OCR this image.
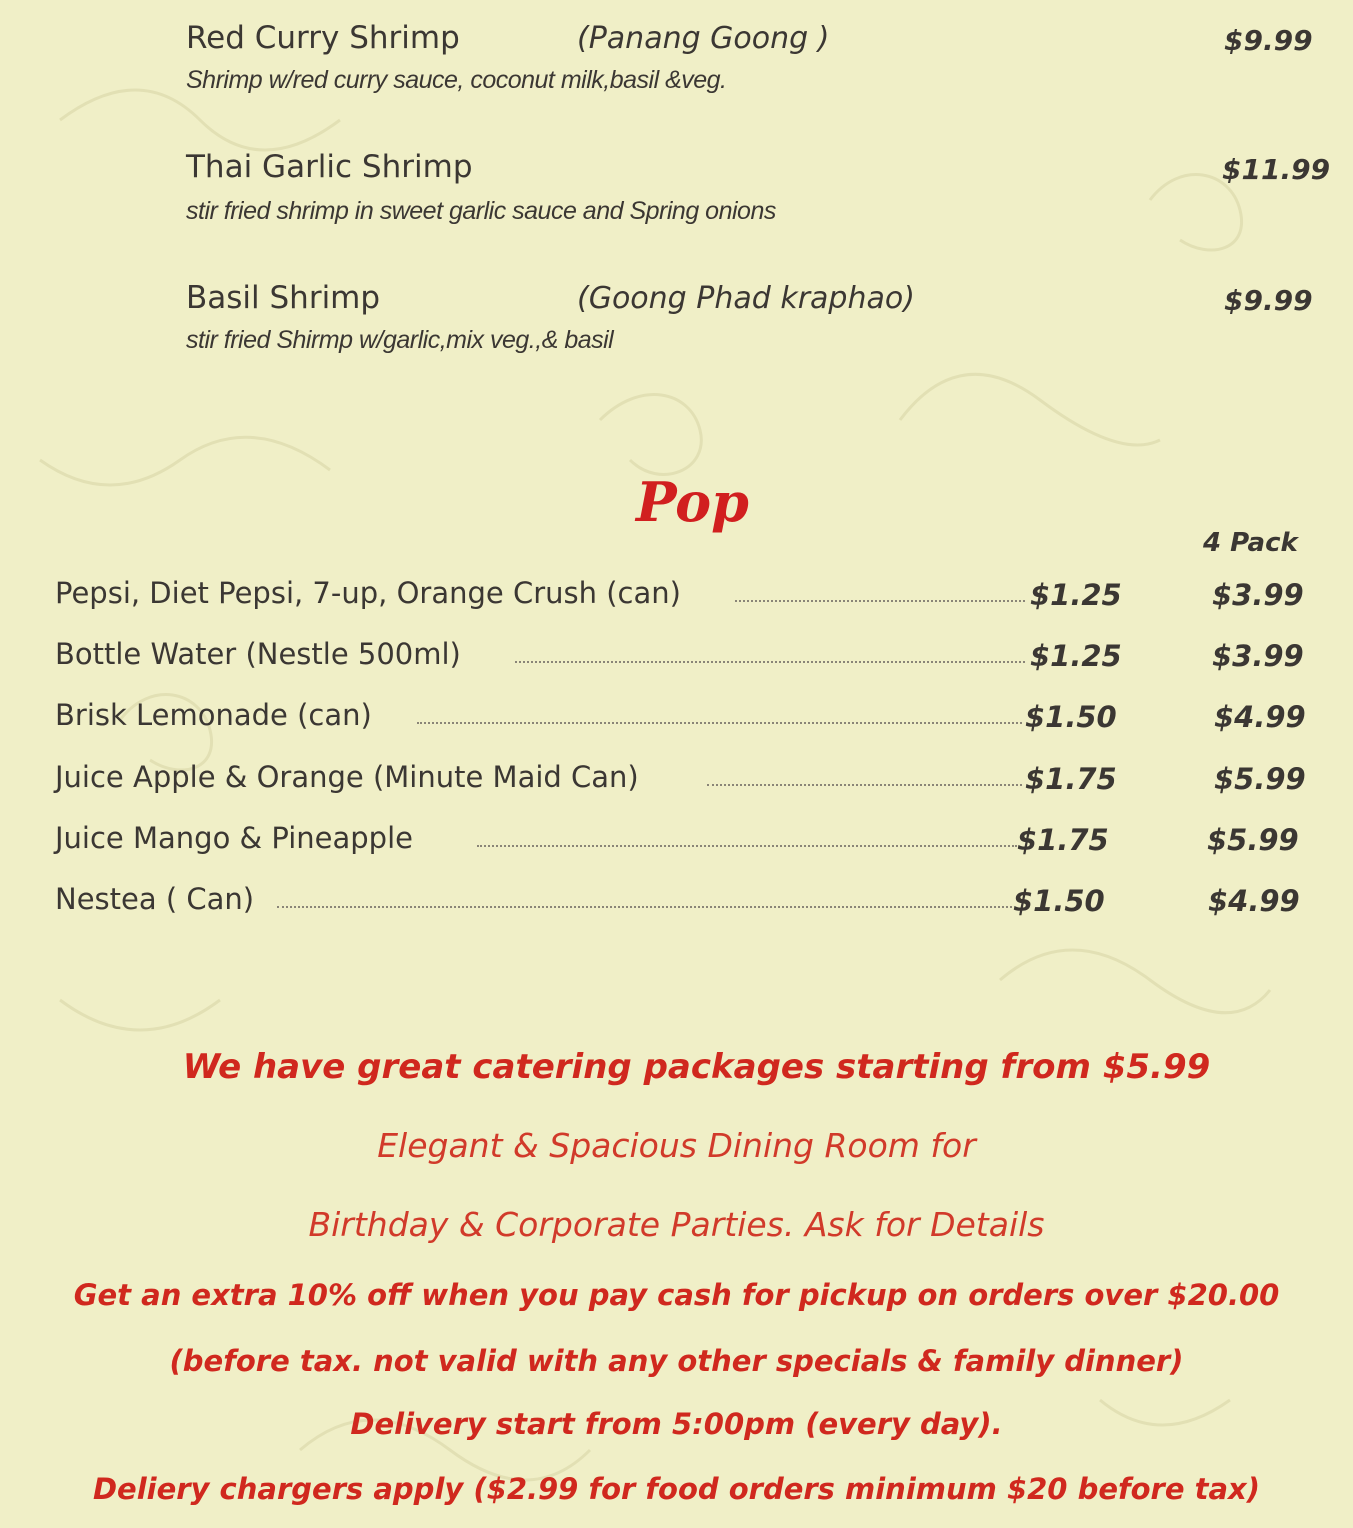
Red Curry Shrimp	(Panang Goong )	$9.99
Shrimp w/red curry sauce, coconut milk,basil &veg.
Thai Garlic Shrimp	$11.99
stir fried shrimp in sweet garlic sauce and Spring onions
Basil Shrimp	(Goong Phad kraphao)	$9.99
stir fried Shirmp w/garlic,mix veg.,& basil
Pop
4 Pack
Pepsi, Diet Pepsi, 7-up, Orange Crush (can)	$1.25	$3.99
Bottle Water (Nestle 500ml)	$1.25	$3.99
Brisk Lemonade (can)	$1.50	$4.99
Juice Apple & Orange (Minute Maid Can)	$1.75	$5.99
Juice Mango & Pineapple	$1.75	$5.99
Nestea ( Can)	$1.50	$4.99
We have great catering packages starting from $5.99
Elegant & Spacious Dining Room for
Birthday & Corporate Parties. Ask for Details
Get an extra 10% off when you pay cash for pickup on orders over $20.00
(before tax. not valid with any other specials & family dinner)
Delivery start from 5:00pm (every day).
Deliery chargers apply ($2.99 for food orders minimum $20 before tax)
